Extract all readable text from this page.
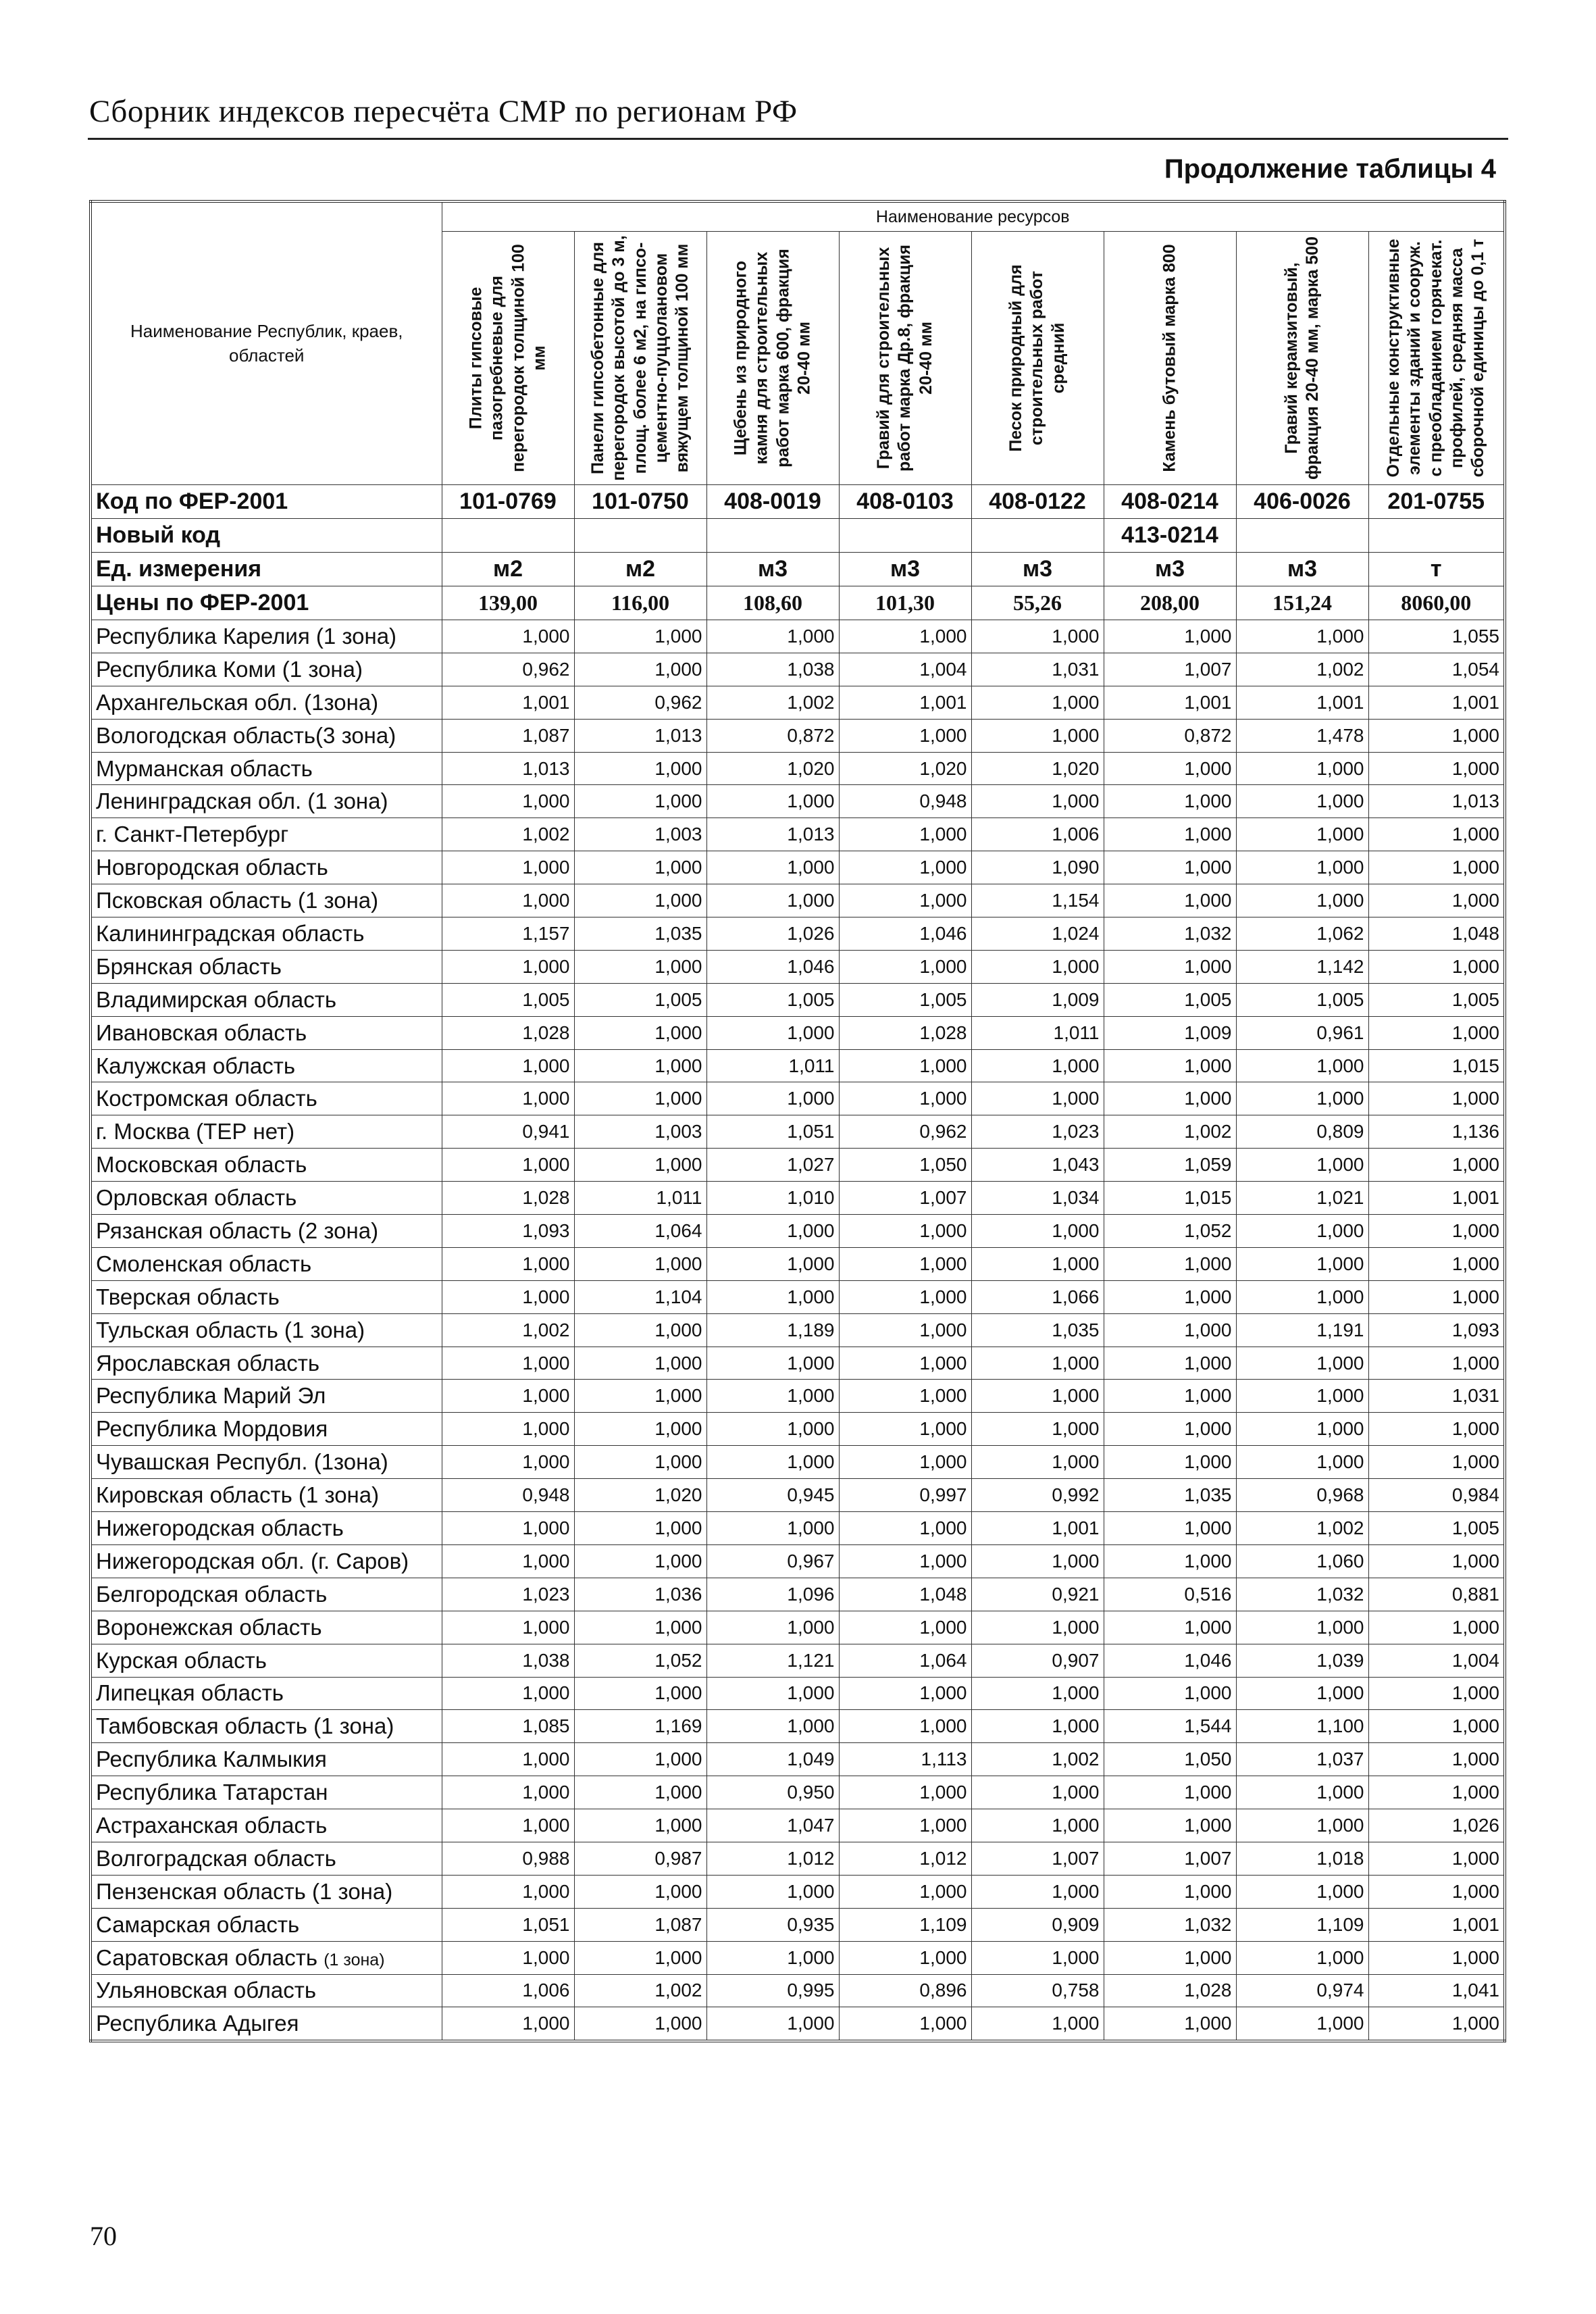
Сборник индексов пересчёта СМР по регионам РФ
Продолжение таблицы 4
Наименование Республик, краев, областей	Наименование ресурсов							

	Плиты гипсовые пазогребневые для перегородок толщиной 100 мм	Панели гипсобетонные для перегородок высотой до 3 м, площ. более 6 м2, на гипсо-цементно-пуццолановом вяжущем толщиной 100 мм	Щебень из природного камня для строительных работ марка 600, фракция 20-40 мм	Гравий для строительных работ марка Др.8, фракция 20-40 мм	Песок природный для строительных работ средний	Камень бутовый марка 800	Гравий керамзитовый, фракция 20-40 мм, марка 500	Отдельные конструктивные элементы зданий и сооруж. с преобладанием горячекат. профилей, средняя масса сборочной единицы до 0,1 т

Код по ФЕР-2001	101-0769	101-0750	408-0019	408-0103	408-0122	408-0214	406-0026	201-0755
Новый код						413-0214		
Ед. измерения	м2	м2	м3	м3	м3	м3	м3	т
Цены по ФЕР-2001	139,00	116,00	108,60	101,30	55,26	208,00	151,24	8060,00
Республика Карелия (1 зона)	1,000	1,000	1,000	1,000	1,000	1,000	1,000	1,055
Республика Коми (1 зона)	0,962	1,000	1,038	1,004	1,031	1,007	1,002	1,054
Архангельская обл. (1зона)	1,001	0,962	1,002	1,001	1,000	1,001	1,001	1,001
Вологодская область(3 зона)	1,087	1,013	0,872	1,000	1,000	0,872	1,478	1,000
Мурманская область	1,013	1,000	1,020	1,020	1,020	1,000	1,000	1,000
Ленинградская обл. (1 зона)	1,000	1,000	1,000	0,948	1,000	1,000	1,000	1,013
г. Санкт-Петербург	1,002	1,003	1,013	1,000	1,006	1,000	1,000	1,000
Новгородская область	1,000	1,000	1,000	1,000	1,090	1,000	1,000	1,000
Псковская область (1 зона)	1,000	1,000	1,000	1,000	1,154	1,000	1,000	1,000
Калининградская область	1,157	1,035	1,026	1,046	1,024	1,032	1,062	1,048
Брянская область	1,000	1,000	1,046	1,000	1,000	1,000	1,142	1,000
Владимирская область	1,005	1,005	1,005	1,005	1,009	1,005	1,005	1,005
Ивановская область	1,028	1,000	1,000	1,028	1,011	1,009	0,961	1,000
Калужская область	1,000	1,000	1,011	1,000	1,000	1,000	1,000	1,015
Костромская область	1,000	1,000	1,000	1,000	1,000	1,000	1,000	1,000
г. Москва (ТЕР нет)	0,941	1,003	1,051	0,962	1,023	1,002	0,809	1,136
Московская область	1,000	1,000	1,027	1,050	1,043	1,059	1,000	1,000
Орловская область	1,028	1,011	1,010	1,007	1,034	1,015	1,021	1,001
Рязанская область (2 зона)	1,093	1,064	1,000	1,000	1,000	1,052	1,000	1,000
Смоленская область	1,000	1,000	1,000	1,000	1,000	1,000	1,000	1,000
Тверская область	1,000	1,104	1,000	1,000	1,066	1,000	1,000	1,000
Тульская область (1 зона)	1,002	1,000	1,189	1,000	1,035	1,000	1,191	1,093
Ярославская область	1,000	1,000	1,000	1,000	1,000	1,000	1,000	1,000
Республика Марий Эл	1,000	1,000	1,000	1,000	1,000	1,000	1,000	1,031
Республика Мордовия	1,000	1,000	1,000	1,000	1,000	1,000	1,000	1,000
Чувашская Республ. (1зона)	1,000	1,000	1,000	1,000	1,000	1,000	1,000	1,000
Кировская область (1 зона)	0,948	1,020	0,945	0,997	0,992	1,035	0,968	0,984
Нижегородская область	1,000	1,000	1,000	1,000	1,001	1,000	1,002	1,005
Нижегородская обл. (г. Саров)	1,000	1,000	0,967	1,000	1,000	1,000	1,060	1,000
Белгородская область	1,023	1,036	1,096	1,048	0,921	0,516	1,032	0,881
Воронежская область	1,000	1,000	1,000	1,000	1,000	1,000	1,000	1,000
Курская область	1,038	1,052	1,121	1,064	0,907	1,046	1,039	1,004
Липецкая область	1,000	1,000	1,000	1,000	1,000	1,000	1,000	1,000
Тамбовская область (1 зона)	1,085	1,169	1,000	1,000	1,000	1,544	1,100	1,000
Республика Калмыкия	1,000	1,000	1,049	1,113	1,002	1,050	1,037	1,000
Республика Татарстан	1,000	1,000	0,950	1,000	1,000	1,000	1,000	1,000
Астраханская область	1,000	1,000	1,047	1,000	1,000	1,000	1,000	1,026
Волгоградская область	0,988	0,987	1,012	1,012	1,007	1,007	1,018	1,000
Пензенская область (1 зона)	1,000	1,000	1,000	1,000	1,000	1,000	1,000	1,000
Самарская область	1,051	1,087	0,935	1,109	0,909	1,032	1,109	1,001
Саратовская область (1 зона)	1,000	1,000	1,000	1,000	1,000	1,000	1,000	1,000
Ульяновская область	1,006	1,002	0,995	0,896	0,758	1,028	0,974	1,041
Республика Адыгея	1,000	1,000	1,000	1,000	1,000	1,000	1,000	1,000
70
